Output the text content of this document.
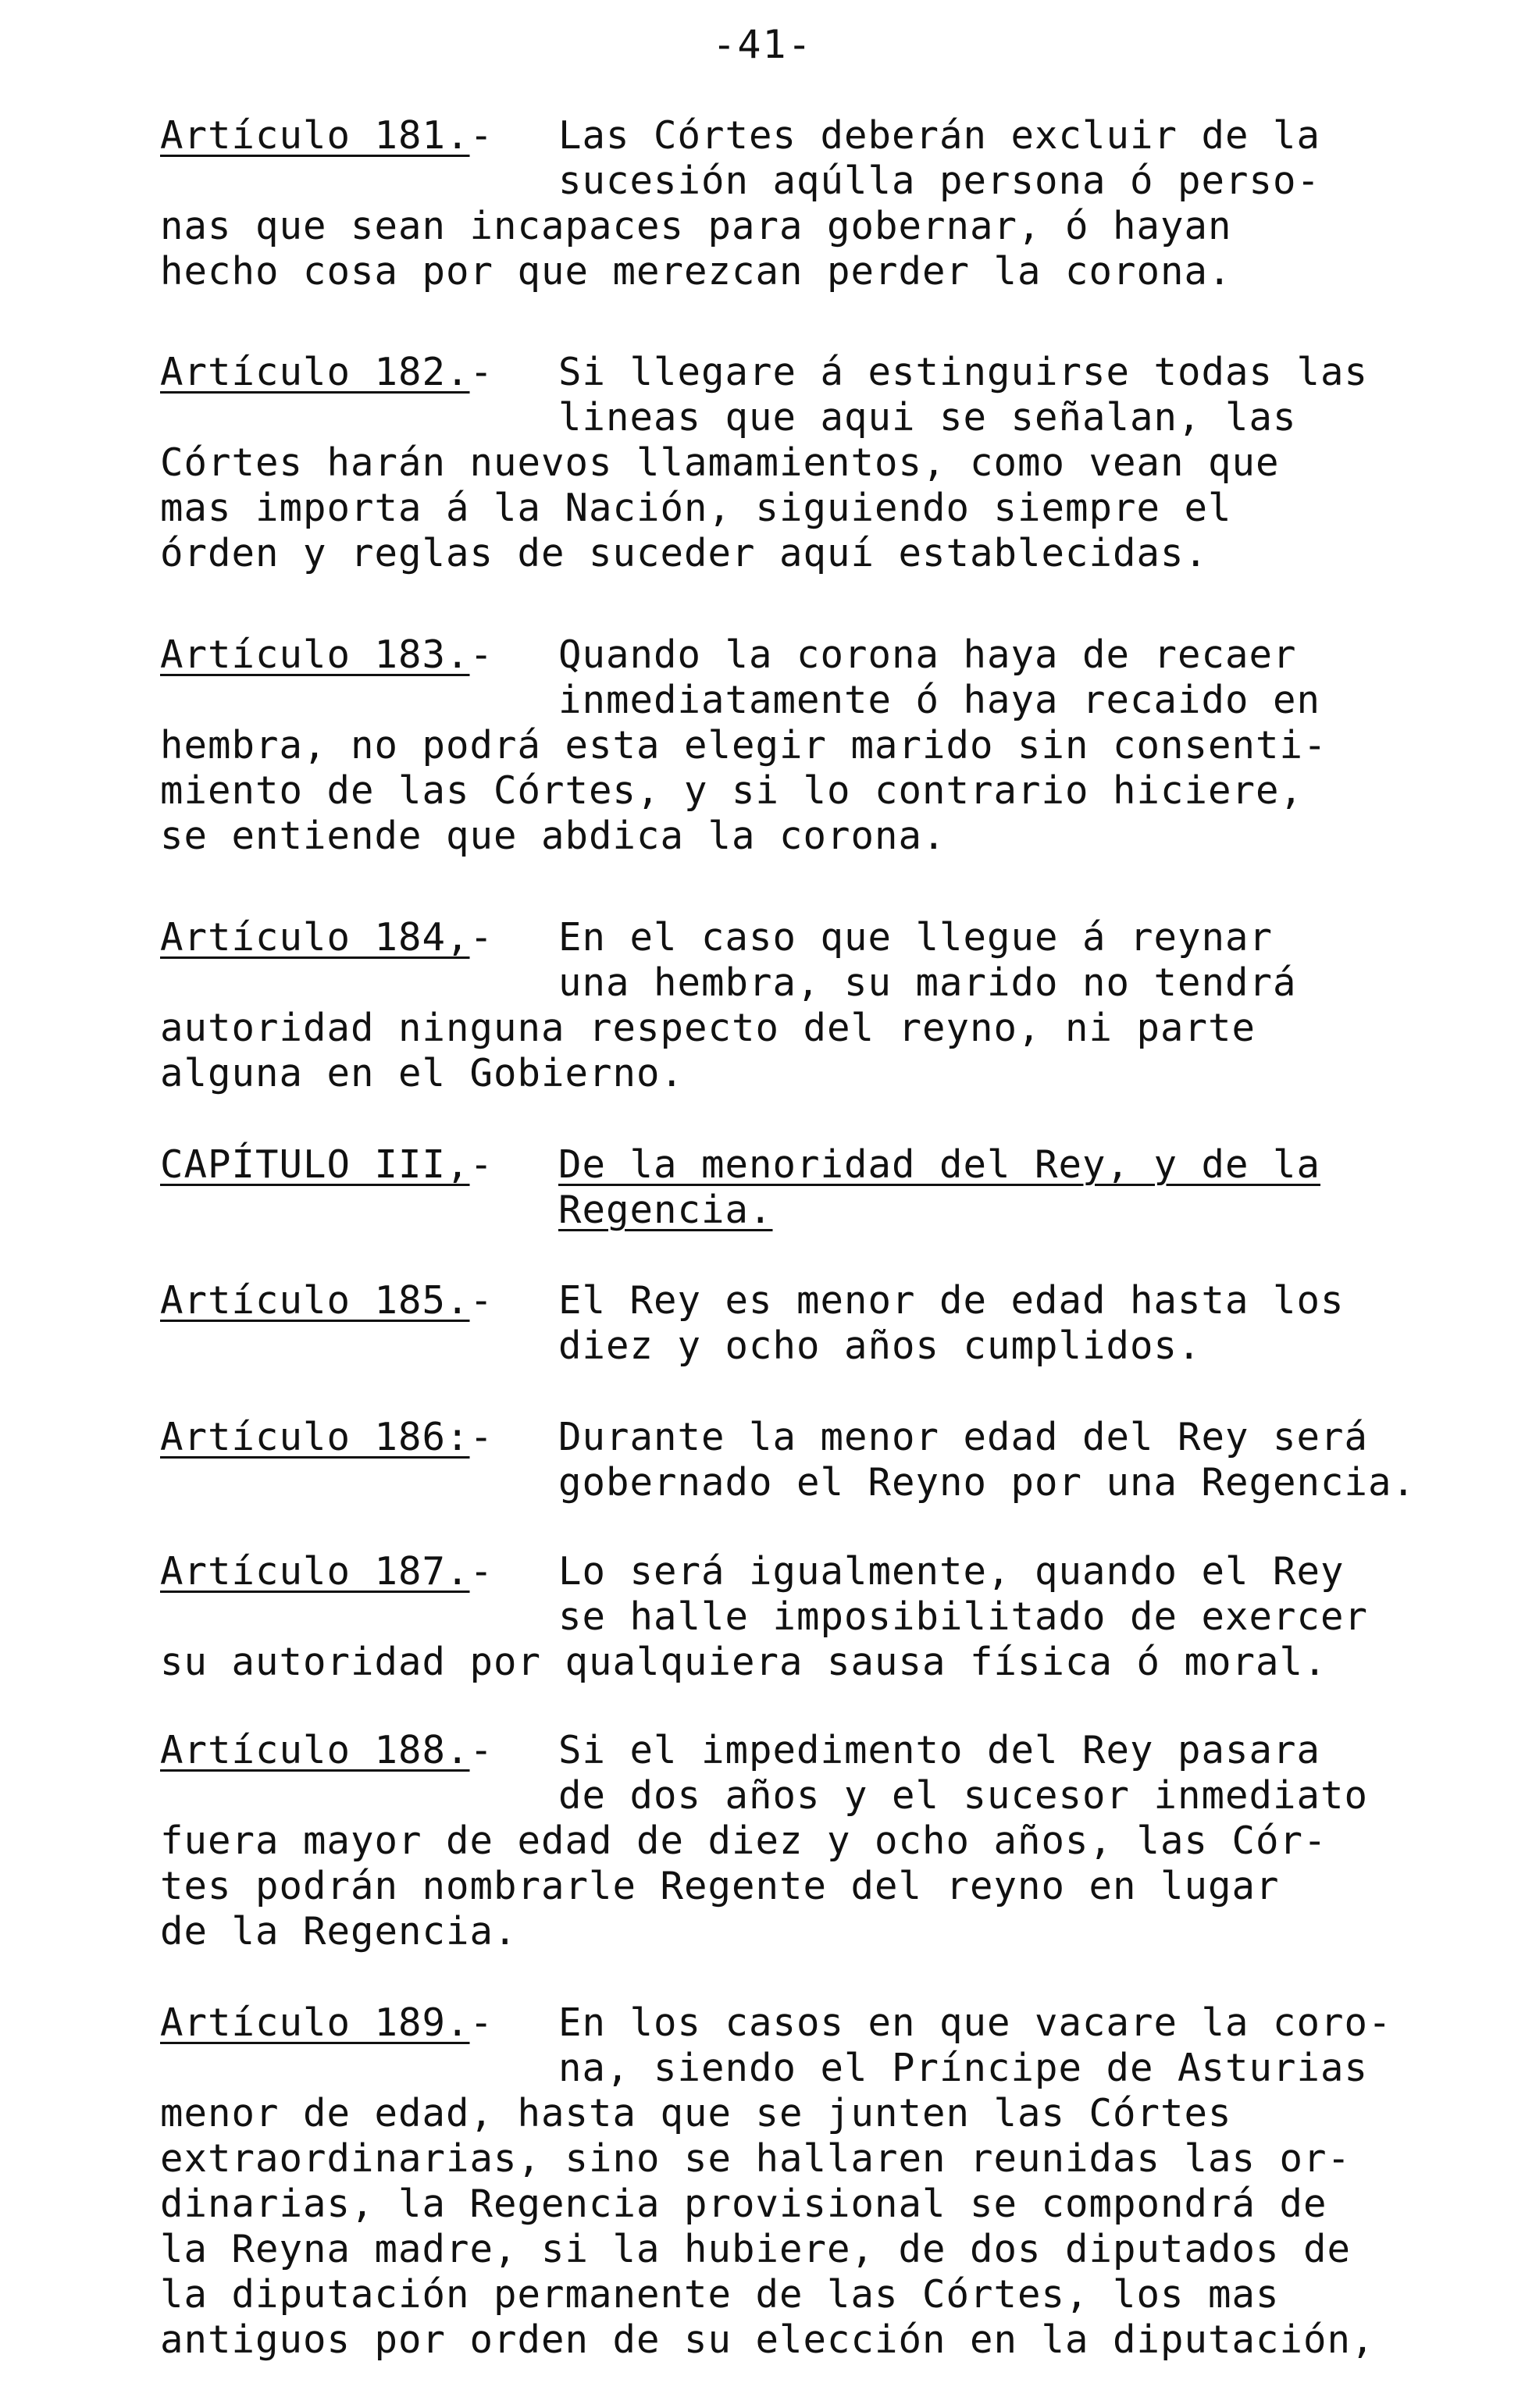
-41-
Artículo 181.-	Las Córtes deberán excluir de la
sucesión aqúlla persona ó perso-
nas que sean incapaces para gobernar, ó hayan
hecho cosa por que merezcan perder la corona.
Artículo 182.-	Si llegare á estinguirse todas las
lineas que aqui se señalan, las
Córtes harán nuevos llamamientos, como vean que
mas importa á la Nación, siguiendo siempre el
órden y reglas de suceder aquí establecidas.
Artículo 183.-	Quando la corona haya de recaer
inmediatamente ó haya recaido en
hembra, no podrá esta elegir marido sin consenti-
miento de las Córtes, y si lo contrario hiciere,
se entiende que abdica la corona.
Artículo 184,-	En el caso que llegue á reynar
una hembra, su marido no tendrá
autoridad ninguna respecto del reyno, ni parte
alguna en el Gobierno.
CAPÍTULO III,-	De la menoridad del Rey, y de la
Regencia.
Artículo 185.-	El Rey es menor de edad hasta los
diez y ocho años cumplidos.
Artículo 186:-	Durante la menor edad del Rey será
gobernado el Reyno por una Regencia.
Artículo 187.-	Lo será igualmente, quando el Rey
se halle imposibilitado de exercer
su autoridad por qualquiera sausa física ó moral.
Artículo 188.-	Si el impedimento del Rey pasara
de dos años y el sucesor inmediato
fuera mayor de edad de diez y ocho años, las Cór-
tes podrán nombrarle Regente del reyno en lugar
de la Regencia.
Artículo 189.-	En los casos en que vacare la coro-
na, siendo el Príncipe de Asturias
menor de edad, hasta que se junten las Córtes
extraordinarias, sino se hallaren reunidas las or-
dinarias, la Regencia provisional se compondrá de
la Reyna madre, si la hubiere, de dos diputados de
la diputación permanente de las Córtes, los mas
antiguos por orden de su elección en la diputación,
